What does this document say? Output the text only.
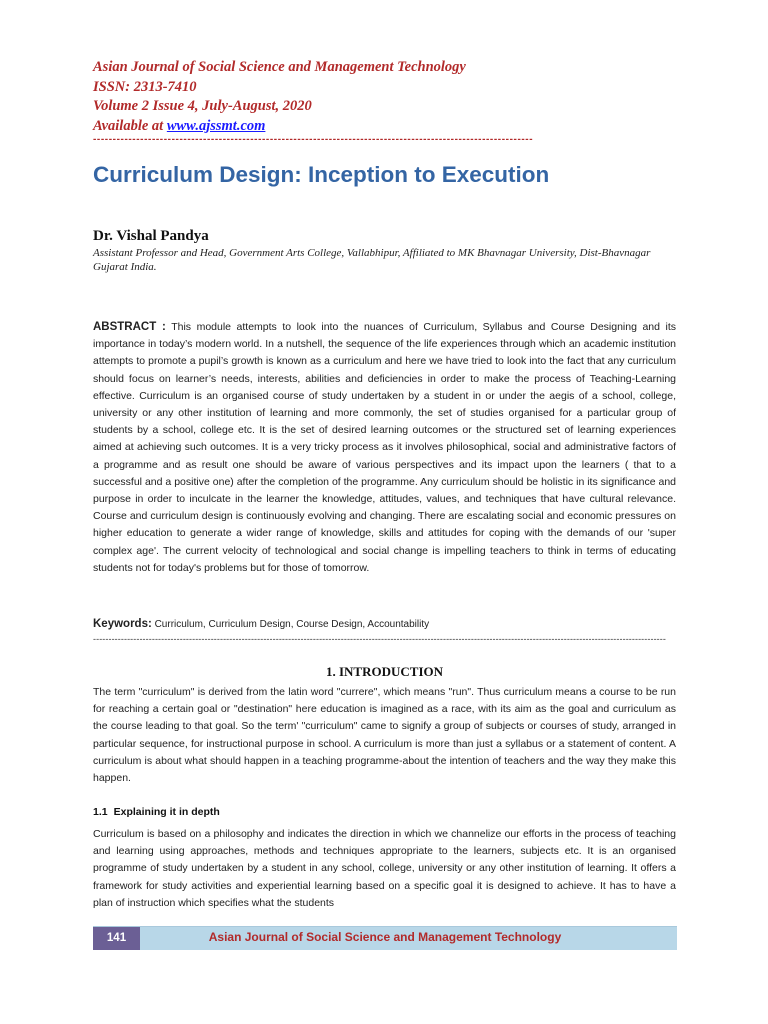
Asian Journal of Social Science and Management Technology
ISSN: 2313-7410
Volume 2 Issue 4, July-August, 2020
Available at www.ajssmt.com
----------------------------------------------------------------------------------------------------------------
Curriculum Design: Inception to Execution

Dr. Vishal Pandya

Assistant Professor and Head, Government Arts College, Vallabhipur, Affiliated to MK Bhavnagar University, Dist-Bhavnagar Gujarat India.

ABSTRACT : This module attempts to look into the nuances of Curriculum, Syllabus and Course Designing and its importance in today’s modern world. In a nutshell, the sequence of the life experiences through which an academic institution attempts to promote a pupil’s growth is known as a curriculum and here we have tried to look into the fact that any curriculum should focus on learner’s needs, interests, abilities and deficiencies in order to make the process of Teaching-Learning effective. Curriculum is an organised course of study undertaken by a student in or under the aegis of a school, college, university or any other institution of learning and more commonly, the set of studies organised for a particular group of students by a school, college etc. It is the set of desired learning outcomes or the structured set of learning experiences aimed at achieving such outcomes. It is a very tricky process as it involves philosophical, social and administrative factors of a programme and as result one should be aware of various perspectives and its impact upon the learners ( that to a successful and a positive one) after the completion of the programme. Any curriculum should be holistic in its significance and purpose in order to inculcate in the learner the knowledge, attitudes, values, and techniques that have cultural relevance. Course and curriculum design is continuously evolving and changing. There are escalating social and economic pressures on higher education to generate a wider range of knowledge, skills and attitudes for coping with the demands of our 'super complex age'. The current velocity of technological and social change is impelling teachers to think in terms of educating students not for today's problems but for those of tomorrow.

Keywords: Curriculum, Curriculum Design, Course Design, Accountability

-----------------------------------------------------------------------------------------------------------------------------------------------------------------------------------------
1. INTRODUCTION

The term "curriculum" is derived from the latin word "currere", which means "run". Thus curriculum means a course to be run for reaching a certain goal or "destination" here education is imagined as a race, with its aim as the goal and curriculum as the course leading to that goal. So the term' "curriculum" came to signify a group of subjects or courses of study, arranged in particular sequence, for instructional purpose in school. A curriculum is more than just a syllabus or a statement of content. A curriculum is about what should happen in a teaching programme-about the intention of teachers and the way they make this happen.

1.1 Explaining it in depth

Curriculum is based on a philosophy and indicates the direction in which we channelize our efforts in the process of teaching and learning using approaches, methods and techniques appropriate to the learners, subjects etc. It is an organised programme of study undertaken by a student in any school, college, university or any other institution of learning. It offers a framework for study activities and experiential learning based on a specific goal it is designed to achieve. It has to have a plan of instruction which specifies what the students

141	Asian Journal of Social Science and Management Technology
